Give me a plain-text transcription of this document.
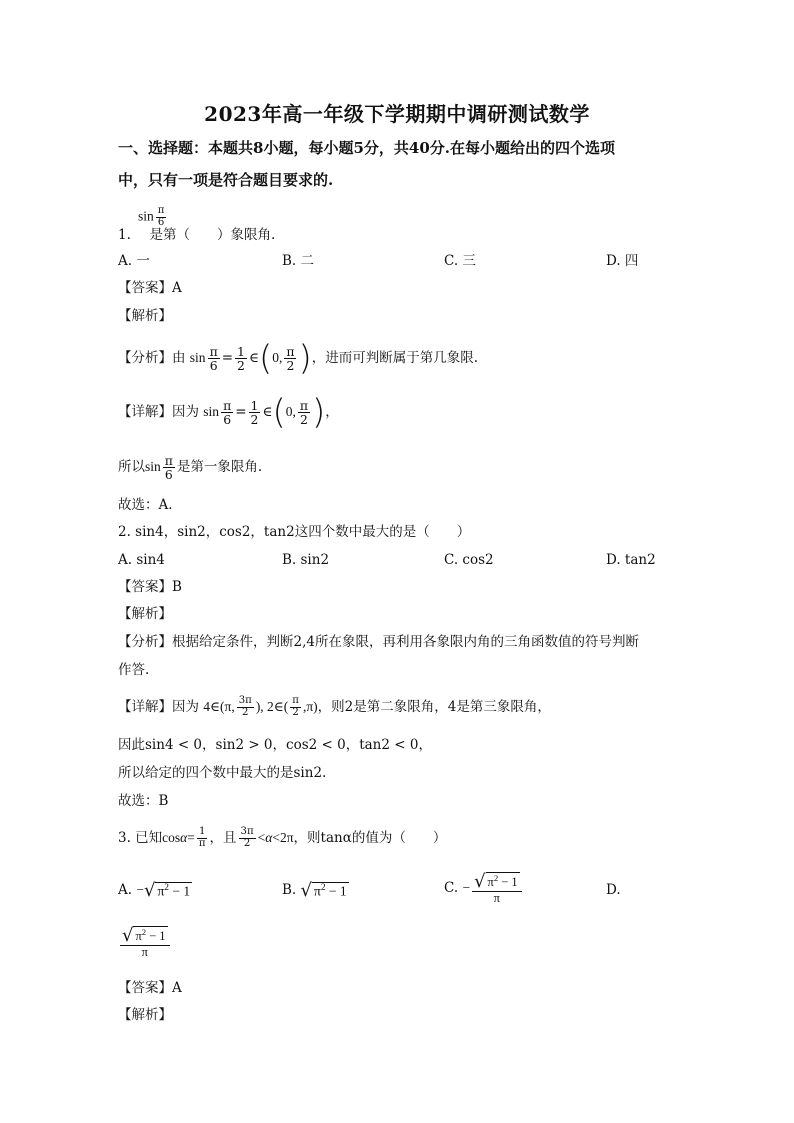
2023年高一年级下学期期中调研测试数学
一、选择题：本题共8小题，每小题5分，共40分.在每小题给出的四个选项
中，只有一项是符合题目要求的.
$\sin \frac{\pi}{6}$
1. 是第（　　）象限角.
A. 一	B. 二	C. 三	D. 四
【答案】A
【解析】
【分析】由 $\sin \frac{\pi}{6} = \frac{1}{2}$ ∈(0, $\frac{\pi}{2}$ )，进而可判断属于第几象限.
【详解】因为 $\sin \frac{\pi}{6} = \frac{1}{2}$ ∈(0, $\frac{\pi}{2}$ )，
所以$\sin \frac{\pi}{6}$ 是第一象限角.
故选：A.
2. sin4，sin2，cos2，tan2这四个数中最大的是（　　）
A. sin4	B. sin2	C. cos2	D. tan2
【答案】B
【解析】
【分析】根据给定条件，判断2,4所在象限，再利用各象限内角的三角函数值的符号判断
作答.
【详解】因为 4∈(π, $\frac{3\pi}{2}$ ), 2∈( $\frac{\pi}{2} ,\pi$)，则2是第二象限角，4是第三象限角，
因此sin4 < 0，sin2 > 0，cos2 < 0，tan2 < 0，
所以给定的四个数中最大的是sin2.
故选：B
3. 已知$\cos\alpha= \frac{1}{\pi}$ ，且 $\frac{3\pi}{2} <\alpha<2\pi$，则tanα的值为（　　）
A. − √ $\pi^2 - 1$	B. √ $\pi^2 - 1$	C. − $\frac{√ \pi^2 - 1}{\pi}$	D.
$\frac{√ \pi^2 - 1}{\pi}$
【答案】A
【解析】
